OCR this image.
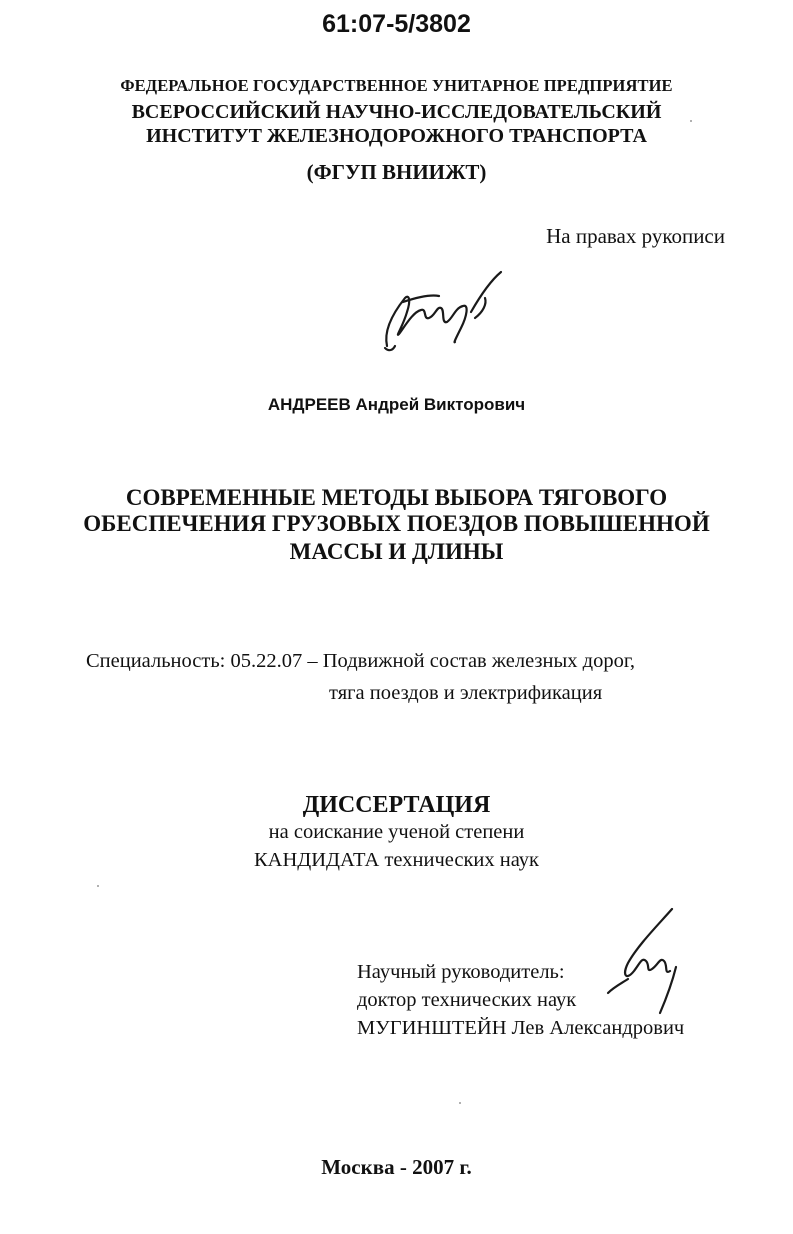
61:07-5/3802
ФЕДЕРАЛЬНОЕ ГОСУДАРСТВЕННОЕ УНИТАРНОЕ ПРЕДПРИЯТИЕ
ВСЕРОССИЙСКИЙ НАУЧНО-ИССЛЕДОВАТЕЛЬСКИЙ
ИНСТИТУТ ЖЕЛЕЗНОДОРОЖНОГО ТРАНСПОРТА
(ФГУП ВНИИЖТ)
На правах рукописи
АНДРЕЕВ Андрей Викторович
СОВРЕМЕННЫЕ МЕТОДЫ ВЫБОРА ТЯГОВОГО
ОБЕСПЕЧЕНИЯ ГРУЗОВЫХ ПОЕЗДОВ ПОВЫШЕННОЙ
МАССЫ И ДЛИНЫ
Специальность: 05.22.07 – Подвижной состав железных дорог,
тяга поездов и электрификация
ДИССЕРТАЦИЯ
на соискание ученой степени
КАНДИДАТА технических наук
Научный руководитель:
доктор технических наук
МУГИНШТЕЙН Лев Александрович
Москва - 2007 г.
